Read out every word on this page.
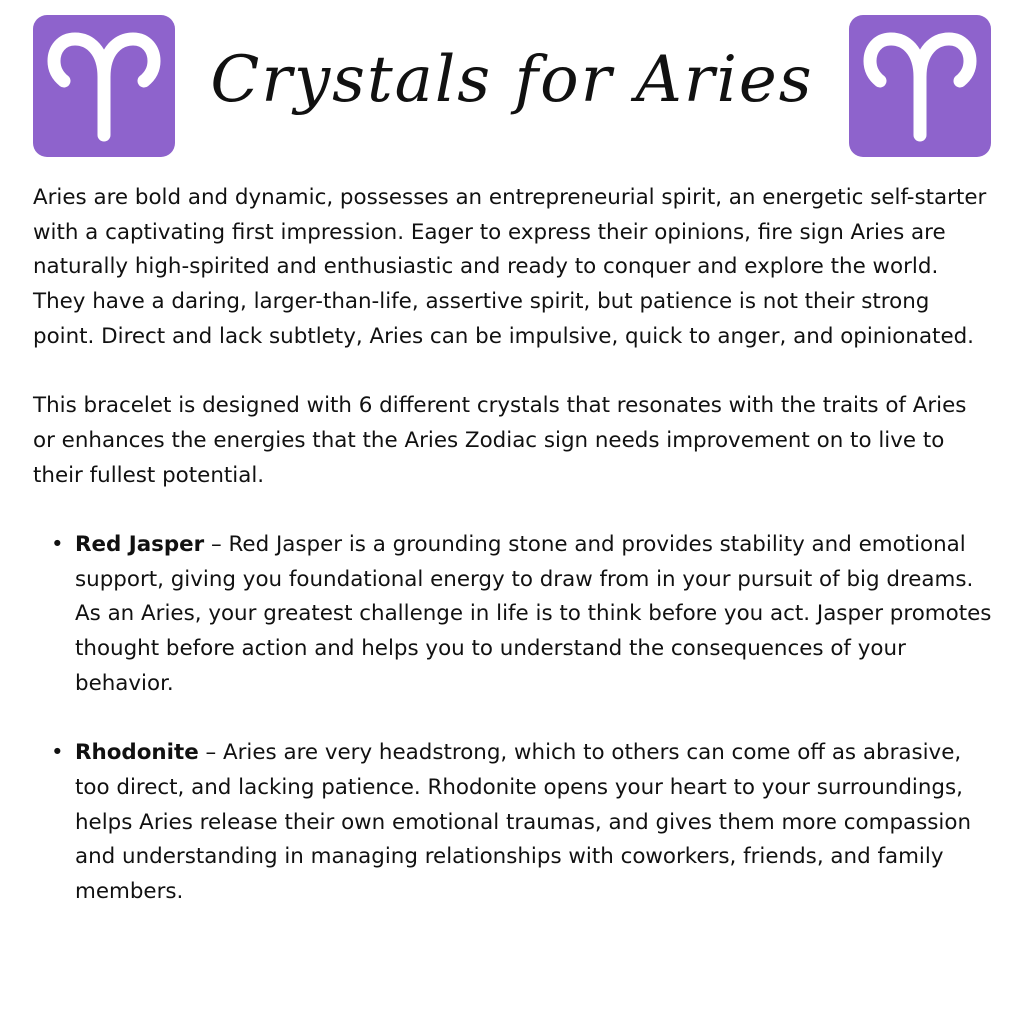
Crystals for Aries

Aries are bold and dynamic, possesses an entrepreneurial spirit, an energetic self-starter with a captivating first impression. Eager to express their opinions, fire sign Aries are naturally high-spirited and enthusiastic and ready to conquer and explore the world. They have a daring, larger-than-life, assertive spirit, but patience is not their strong point. Direct and lack subtlety, Aries can be impulsive, quick to anger, and opinionated.

This bracelet is designed with 6 different crystals that resonates with the traits of Aries or enhances the energies that the Aries Zodiac sign needs improvement on to live to their fullest potential.

• Red Jasper – Red Jasper is a grounding stone and provides stability and emotional support, giving you foundational energy to draw from in your pursuit of big dreams. As an Aries, your greatest challenge in life is to think before you act. Jasper promotes thought before action and helps you to understand the consequences of your behavior.
• Rhodonite – Aries are very headstrong, which to others can come off as abrasive, too direct, and lacking patience. Rhodonite opens your heart to your surroundings, helps Aries release their own emotional traumas, and gives them more compassion and understanding in managing relationships with coworkers, friends, and family members.
